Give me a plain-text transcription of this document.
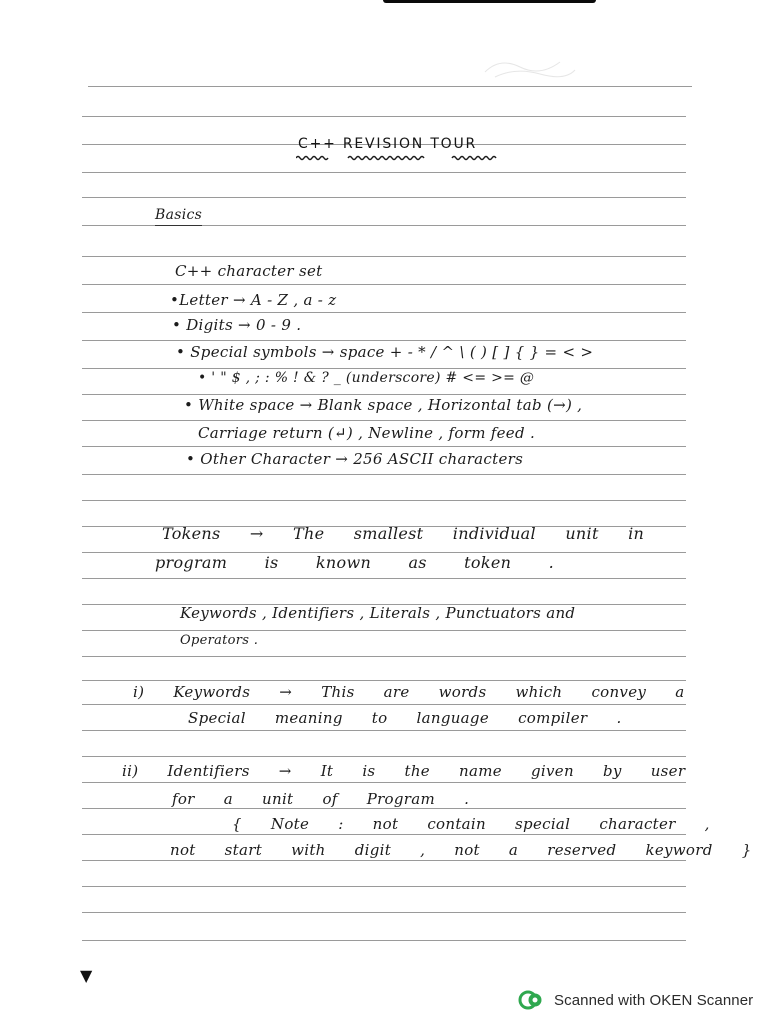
C++ REVISION TOUR
Basics
C++ character set
•Letter → A - Z , a - z
• Digits → 0 - 9 .
• Special symbols → space + - * / ^ \ ( ) [ ] { } = < >
• ' " $ , ; : % ! & ? _ (underscore) # <= >= @
• White space → Blank space , Horizontal tab (→) ,
Carriage return (↵) , Newline , form feed .
• Other Character → 256 ASCII characters
Tokens → The smallest individual unit in
program is known as token .
Keywords , Identifiers , Literals , Punctuators and
Operators .
i) Keywords → This are words which convey a
Special meaning to language compiler .
ii) Identifiers → It is the name given by user
for a unit of Program .
{ Note : not contain special character ,
not start with digit , not a reserved keyword }
▼
Scanned with OKEN Scanner
